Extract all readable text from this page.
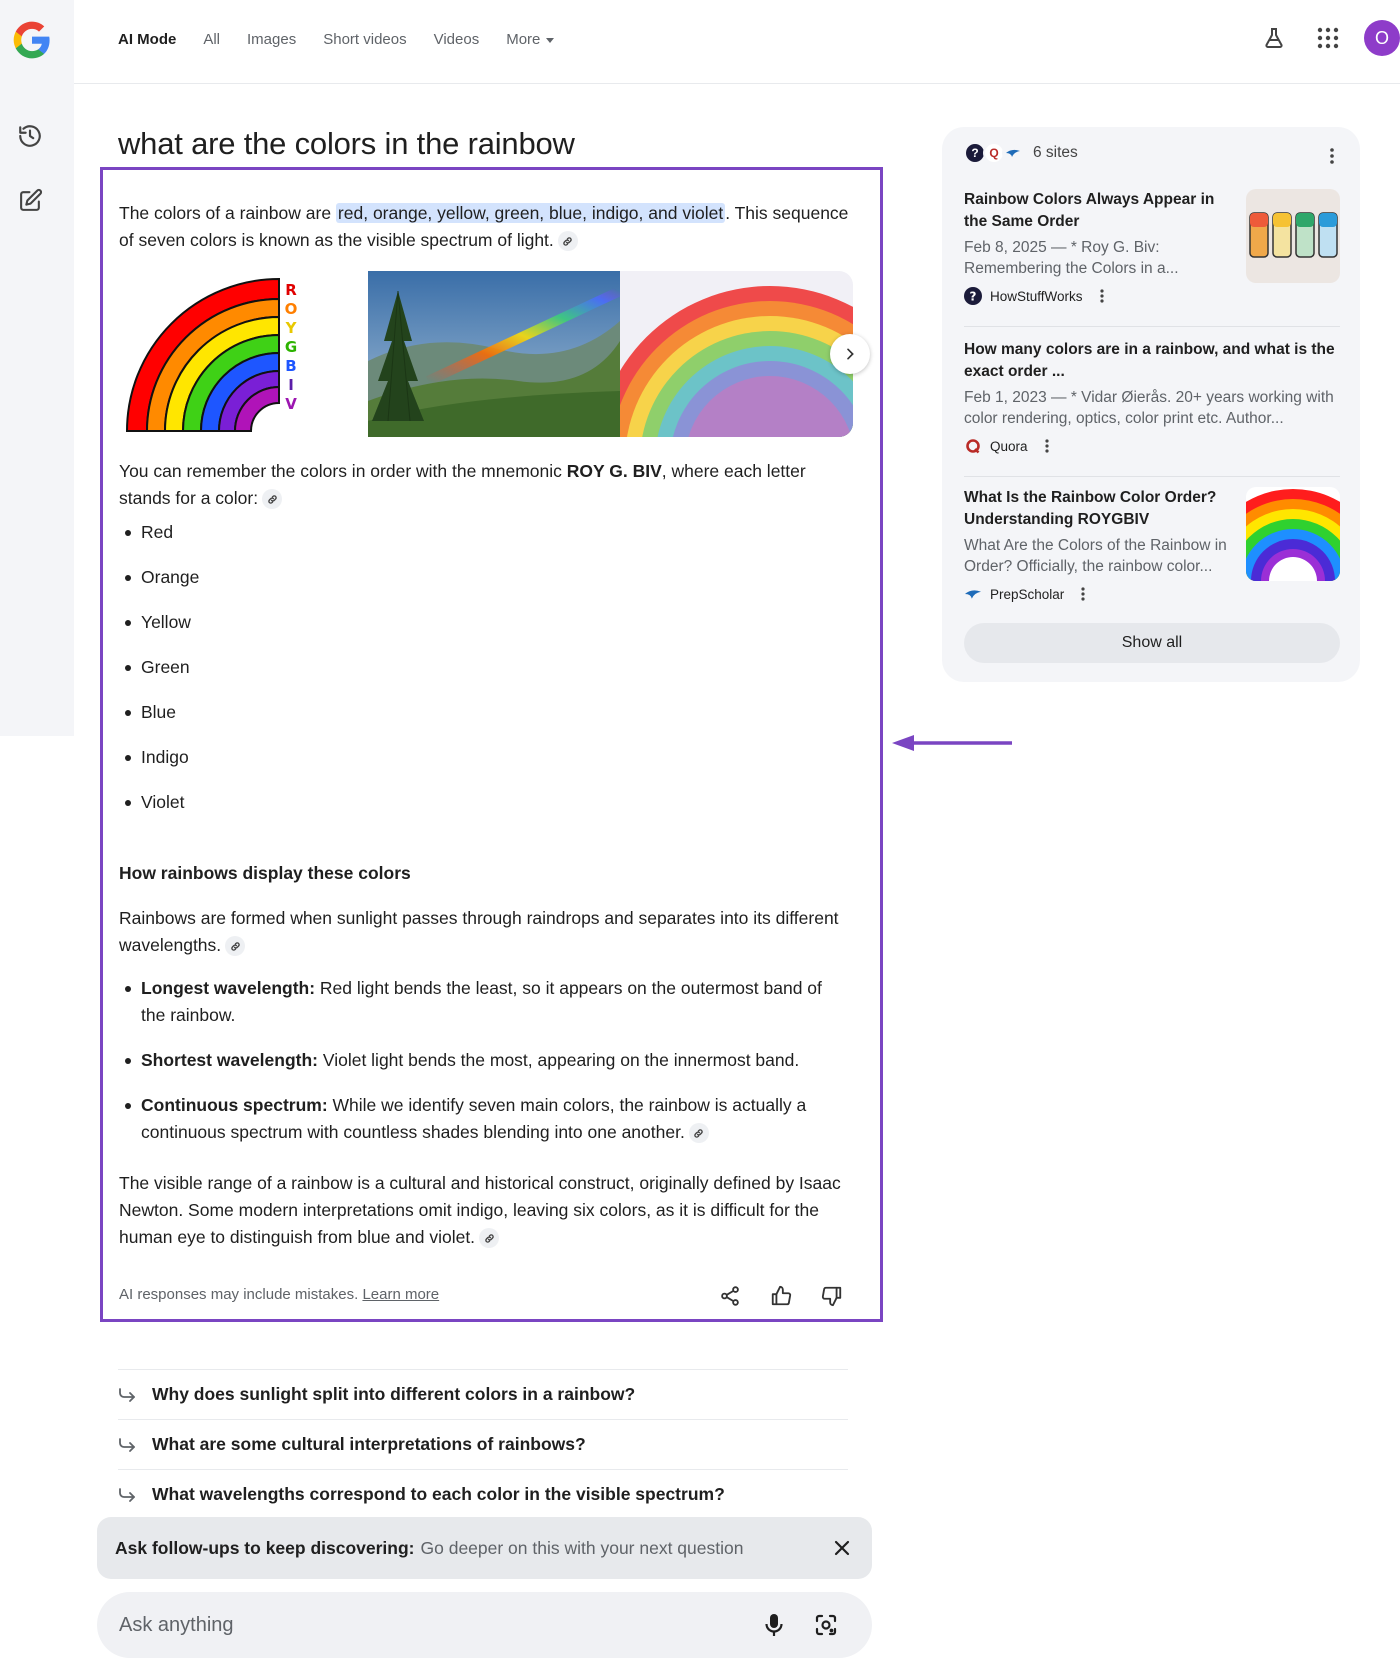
AI Mode All Images Short videos Videos More	O
what are the colors in the rainbow

The colors of a rainbow are red, orange, yellow, green, blue, indigo, and violet . This sequence of seven colors is known as the visible spectrum of light.

R
O
Y
G
B
I
V

You can remember the colors in order with the mnemonic ROY G. BIV, where each letter stands for a color:

Red
Orange
Yellow
Green
Blue
Indigo
Violet
How rainbows display these colors

Rainbows are formed when sunlight passes through raindrops and separates into its different wavelengths.

Longest wavelength: Red light bends the least, so it appears on the outermost band of the rainbow.
Shortest wavelength: Violet light bends the most, appearing on the innermost band.
Continuous spectrum: While we identify seven main colors, the rainbow is actually a continuous spectrum with countless shades blending into one another.

The visible range of a rainbow is a cultural and historical construct, originally defined by Isaac Newton. Some modern interpretations omit indigo, leaving six colors, as it is difficult for the human eye to distinguish from blue and violet.

AI responses may include mistakes. Learn more
? Q	6 sites
Rainbow Colors Always Appear in the Same Order
Feb 8, 2025 — * Roy G. Biv: Remembering the Colors in a...
? HowStuffWorks
How many colors are in a rainbow, and what is the exact order ...
Feb 1, 2023 — * Vidar Øierås. 20+ years working with color rendering, optics, color print etc. Author...
Quora
What Is the Rainbow Color Order? Understanding ROYGBIV
What Are the Colors of the Rainbow in Order? Officially, the rainbow color...
PrepScholar
Show all
Why does sunlight split into different colors in a rainbow?
What are some cultural interpretations of rainbows?
What wavelengths correspond to each color in the visible spectrum?
Ask follow-ups to keep discovering: Go deeper on this with your next question
Ask anything
